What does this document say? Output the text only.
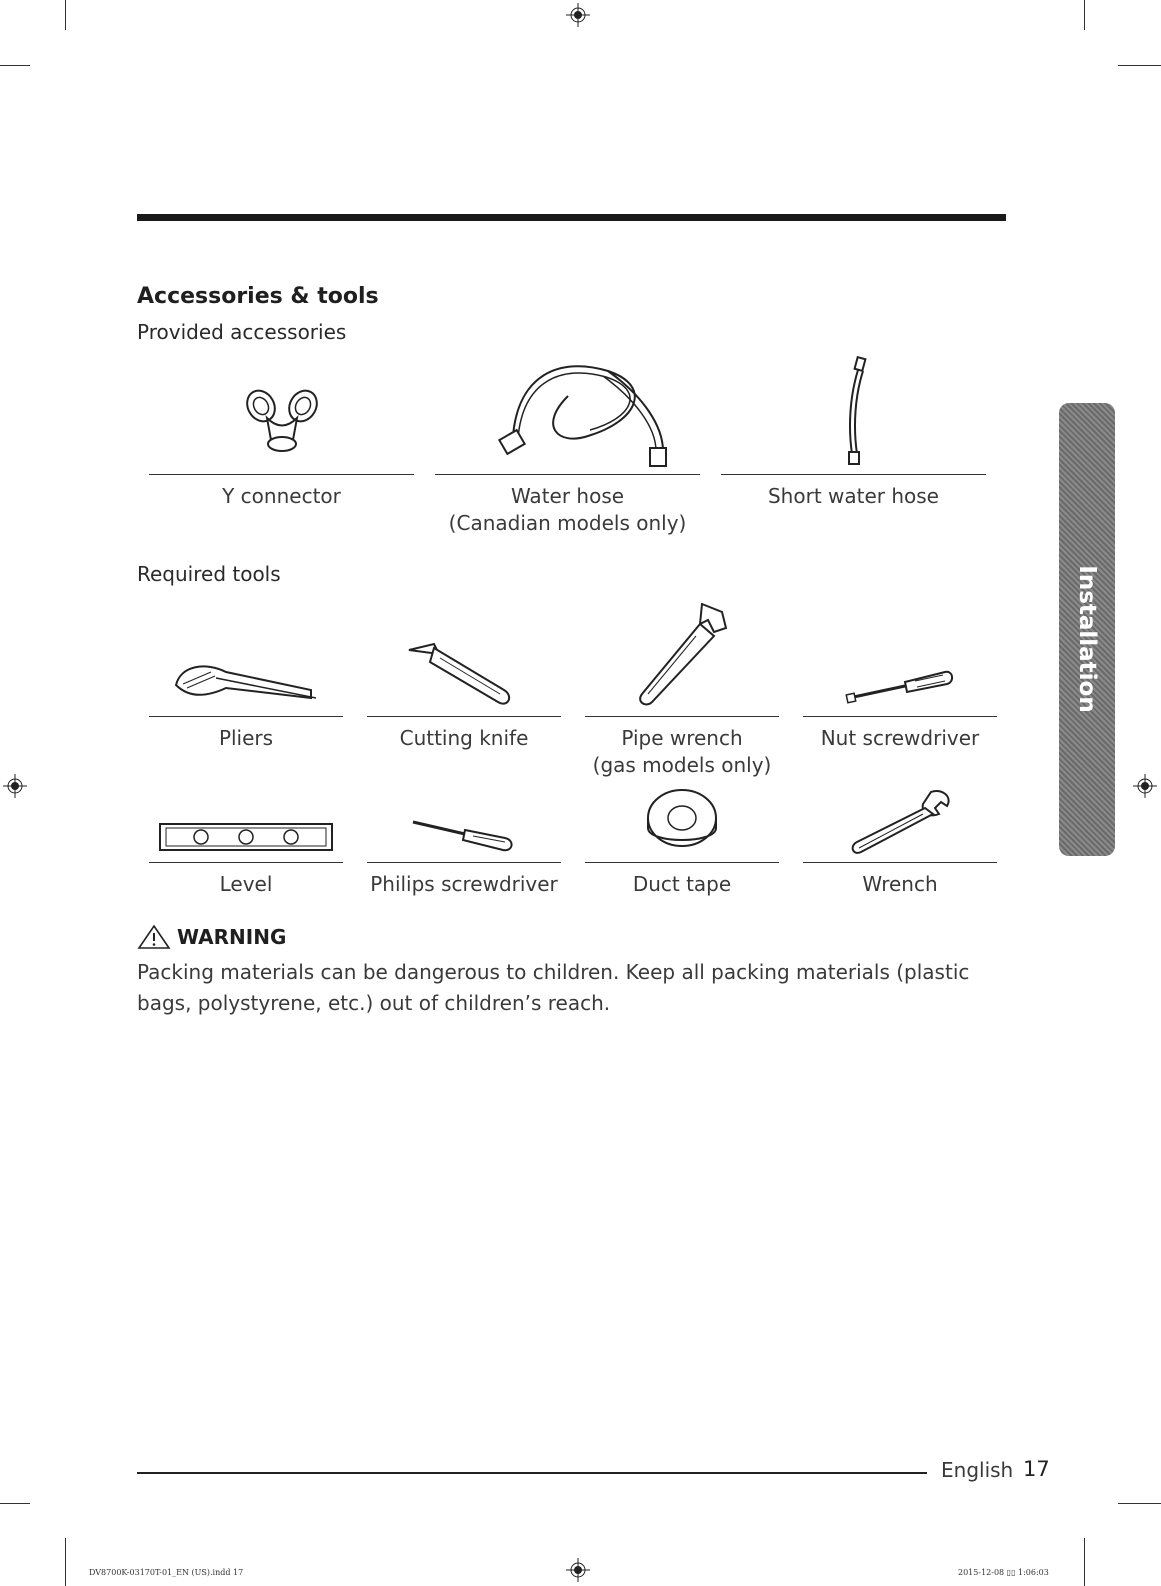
Accessories & tools
Provided accessories
Y connector	Water hose
(Canadian models only)
Short water hose
Required tools
Pliers	Cutting knife	Pipe wrench
(gas models only)
Nut screwdriver
Level	Philips screwdriver	Duct tape	Wrench
WARNING
Packing materials can be dangerous to children. Keep all packing materials (plastic bags, polystyrene, etc.) out of children’s reach.
Installation
English 17
DV8700K-03170T-01_EN (US).indd 17	2015-12-08 ▯▯ 1:06:03
